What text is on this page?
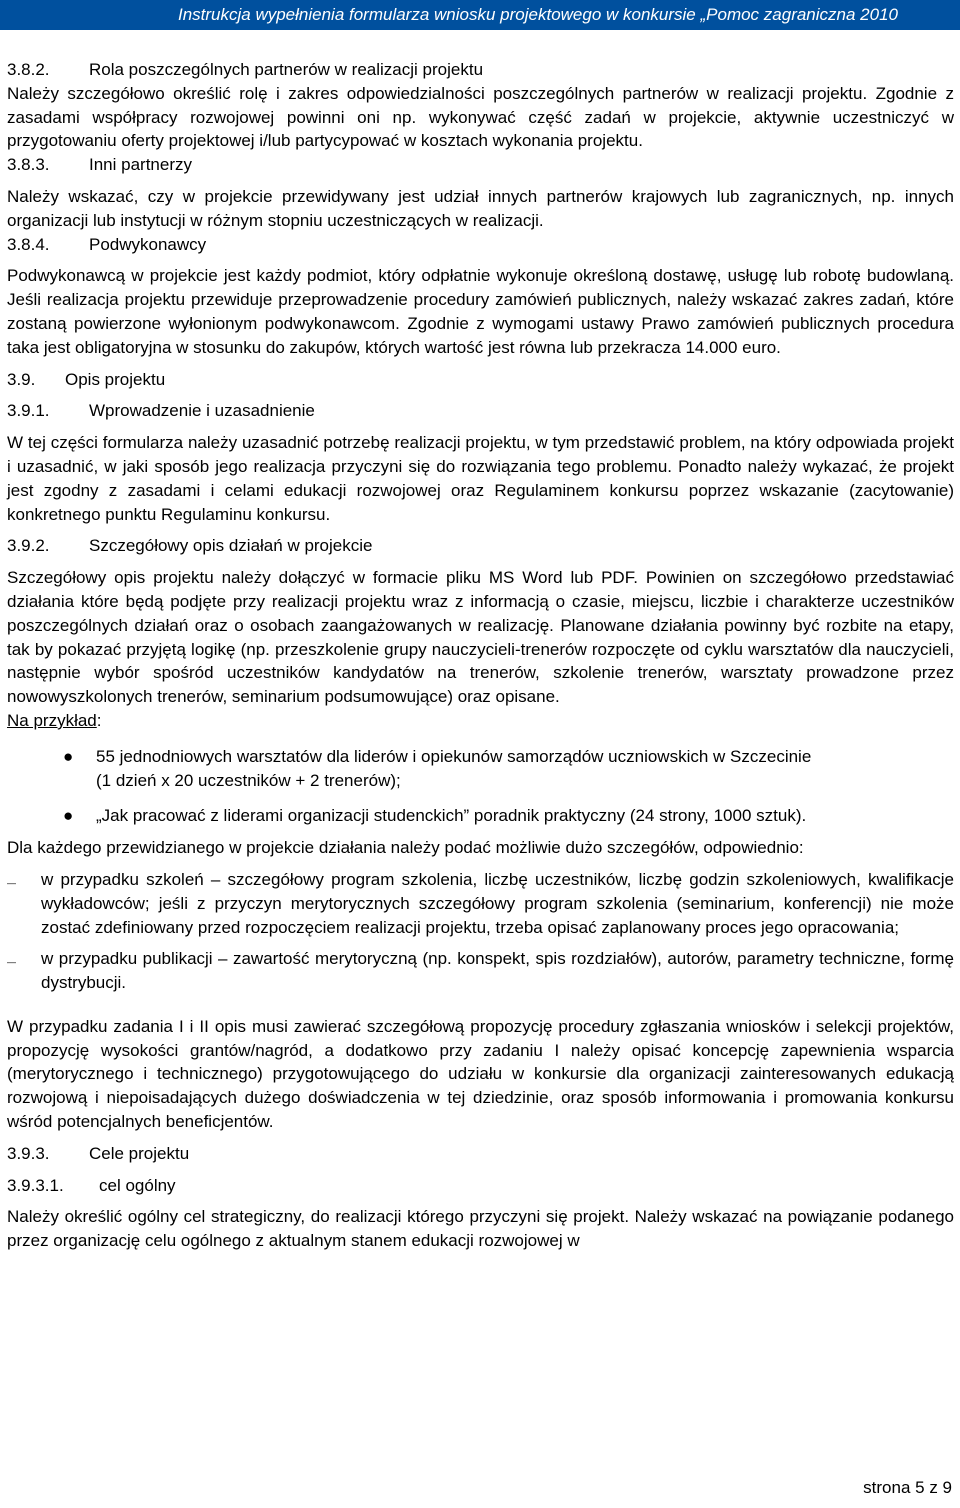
Instrukcja wypełnienia formularza wniosku projektowego w konkursie „Pomoc zagraniczna 2010
3.8.2.	Rola poszczególnych partnerów w realizacji projektu

Należy szczegółowo określić rolę i zakres odpowiedzialności poszczególnych partnerów w realizacji projektu. Zgodnie z zasadami współpracy rozwojowej powinni oni np. wykonywać część zadań w projekcie, aktywnie uczestniczyć w przygotowaniu oferty projektowej i/lub partycypować w kosztach wykonania projektu.

3.8.3.	Inni partnerzy

Należy wskazać, czy w projekcie przewidywany jest udział innych partnerów krajowych lub zagranicznych, np. innych organizacji lub instytucji w różnym stopniu uczestniczących w realizacji.

3.8.4.	Podwykonawcy

Podwykonawcą w projekcie jest każdy podmiot, który odpłatnie wykonuje określoną dostawę, usługę lub robotę budowlaną. Jeśli realizacja projektu przewiduje przeprowadzenie procedury zamówień publicznych, należy wskazać zakres zadań, które zostaną powierzone wyłonionym podwykonawcom. Zgodnie z wymogami ustawy Prawo zamówień publicznych procedura taka jest obligatoryjna w stosunku do zakupów, których wartość jest równa lub przekracza 14.000 euro.

3.9.	Opis projektu
3.9.1.	Wprowadzenie i uzasadnienie

W tej części formularza należy uzasadnić potrzebę realizacji projektu, w tym przedstawić problem, na który odpowiada projekt i uzasadnić, w jaki sposób jego realizacja przyczyni się do rozwiązania tego problemu. Ponadto należy wykazać, że projekt jest zgodny z zasadami i celami edukacji rozwojowej oraz Regulaminem konkursu poprzez wskazanie (zacytowanie) konkretnego punktu Regulaminu konkursu.

3.9.2.	Szczegółowy opis działań w projekcie

Szczegółowy opis projektu należy dołączyć w formacie pliku MS Word lub PDF. Powinien on szczegółowo przedstawiać działania które będą podjęte przy realizacji projektu wraz z informacją o czasie, miejscu, liczbie i charakterze uczestników poszczególnych działań oraz o osobach zaangażowanych w realizację. Planowane działania powinny być rozbite na etapy, tak by pokazać przyjętą logikę (np. przeszkolenie grupy nauczycieli-trenerów rozpoczęte od cyklu warsztatów dla nauczycieli, następnie wybór spośród uczestników kandydatów na trenerów, szkolenie trenerów, warsztaty prowadzone przez nowowyszkolonych trenerów, seminarium podsumowujące) oraz opisane.

Na przykład:

● 55 jednodniowych warsztatów dla liderów i opiekunów samorządów uczniowskich w Szczecinie
(1 dzień x 20 uczestników + 2 trenerów);
● „Jak pracować z liderami organizacji studenckich” poradnik praktyczny (24 strony, 1000 sztuk).

Dla każdego przewidzianego w projekcie działania należy podać możliwie dużo szczegółów, odpowiednio:

— w przypadku szkoleń – szczegółowy program szkolenia, liczbę uczestników, liczbę godzin szkoleniowych, kwalifikacje wykładowców; jeśli z przyczyn merytorycznych szczegółowy program szkolenia (seminarium, konferencji) nie może zostać zdefiniowany przed rozpoczęciem realizacji projektu, trzeba opisać zaplanowany proces jego opracowania;
— w przypadku publikacji – zawartość merytoryczną (np. konspekt, spis rozdziałów), autorów, parametry techniczne, formę dystrybucji.

W przypadku zadania I i II opis musi zawierać szczegółową propozycję procedury zgłaszania wniosków i selekcji projektów, propozycję wysokości grantów/nagród, a dodatkowo przy zadaniu I należy opisać koncepcję zapewnienia wsparcia (merytorycznego i technicznego) przygotowującego do udziału w konkursie dla organizacji zainteresowanych edukacją rozwojową i niepoisadających dużego doświadczenia w tej dziedzinie, oraz sposób informowania i promowania konkursu wśród potencjalnych beneficjentów.

3.9.3.	Cele projektu
3.9.3.1.	cel ogólny

Należy określić ogólny cel strategiczny, do realizacji którego przyczyni się projekt. Należy wskazać na powiązanie podanego przez organizację celu ogólnego z aktualnym stanem edukacji rozwojowej w

strona 5 z 9
